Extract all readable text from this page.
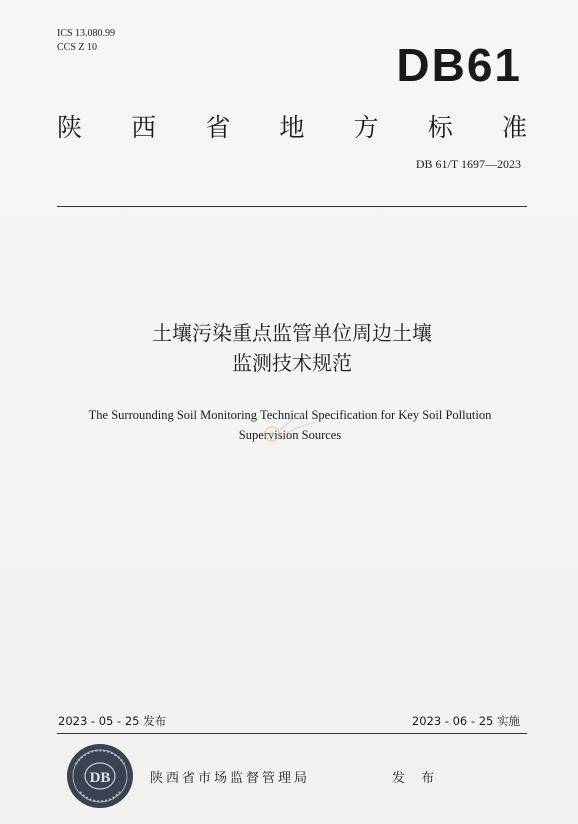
ICS 13.080.99
CCS Z 10	DB61
陕 西 省 地 方 标 准
DB 61/T 1697—2023
土壤污染重点监管单位周边土壤
监测技术规范
The Surrounding Soil Monitoring Technical Specification for Key Soil Pollution
Supervision Sources
2023 - 05 - 25 发布	2023 - 06 - 25 实施
DB	陕西省市场监督管理局	发 布
